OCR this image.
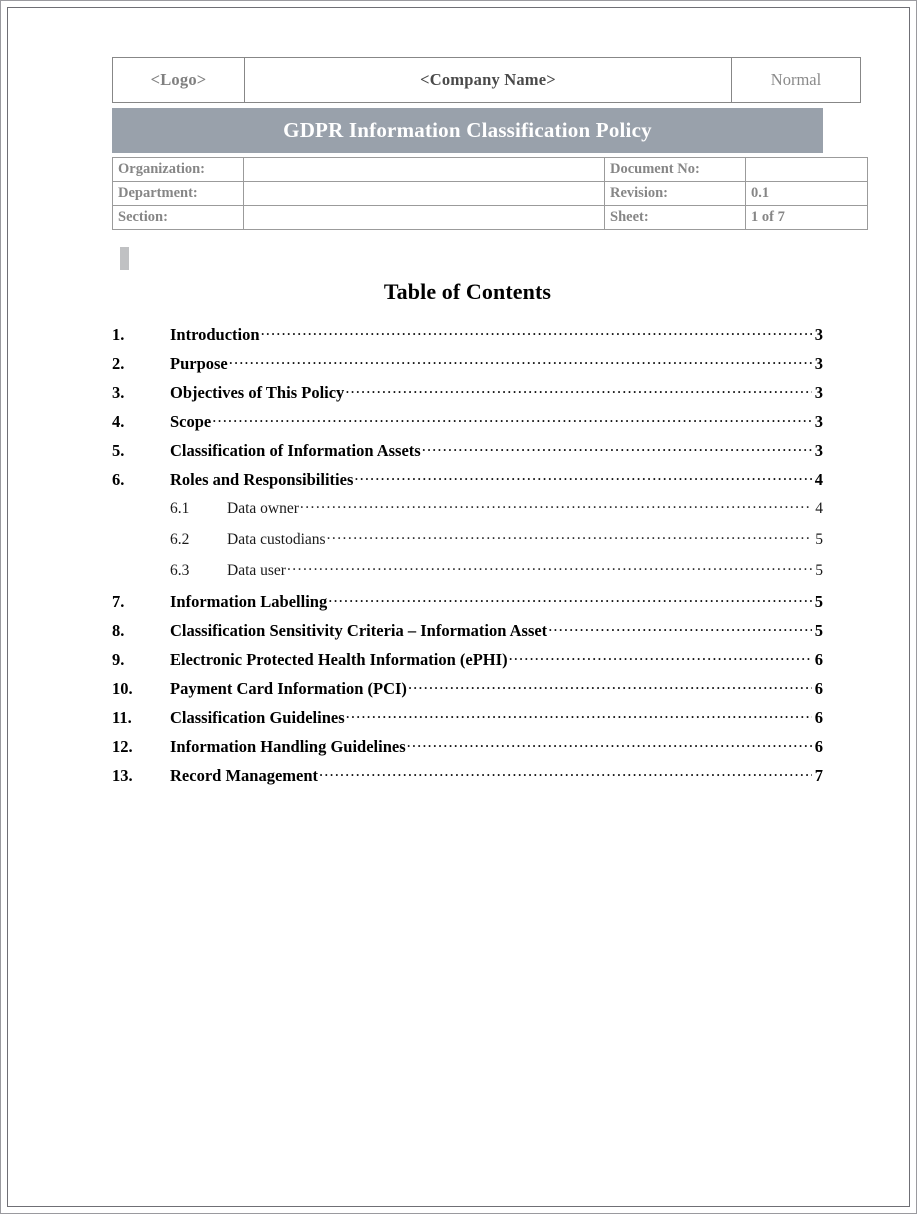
<Logo>	<Company Name>	Normal
GDPR Information Classification Policy
Organization:		Document No:	
Department:		Revision:	0.1
Section:		Sheet:	1 of 7
Table of Contents
1.	Introduction .....	3
2.	Purpose .....	3
3.	Objectives of This Policy .....	3
4.	Scope .....	3
5.	Classification of Information Assets .....	3
6.	Roles and Responsibilities .....	4
6.1	Data owner .....	4
6.2	Data custodians .....	5
6.3	Data user .....	5
7.	Information Labelling .....	5
8.	Classification Sensitivity Criteria – Information Asset .....	5
9.	Electronic Protected Health Information (ePHI) .....	6
10.	Payment Card Information (PCI) .....	6
11.	Classification Guidelines .....	6
12.	Information Handling Guidelines .....	6
13.	Record Management .....	7
